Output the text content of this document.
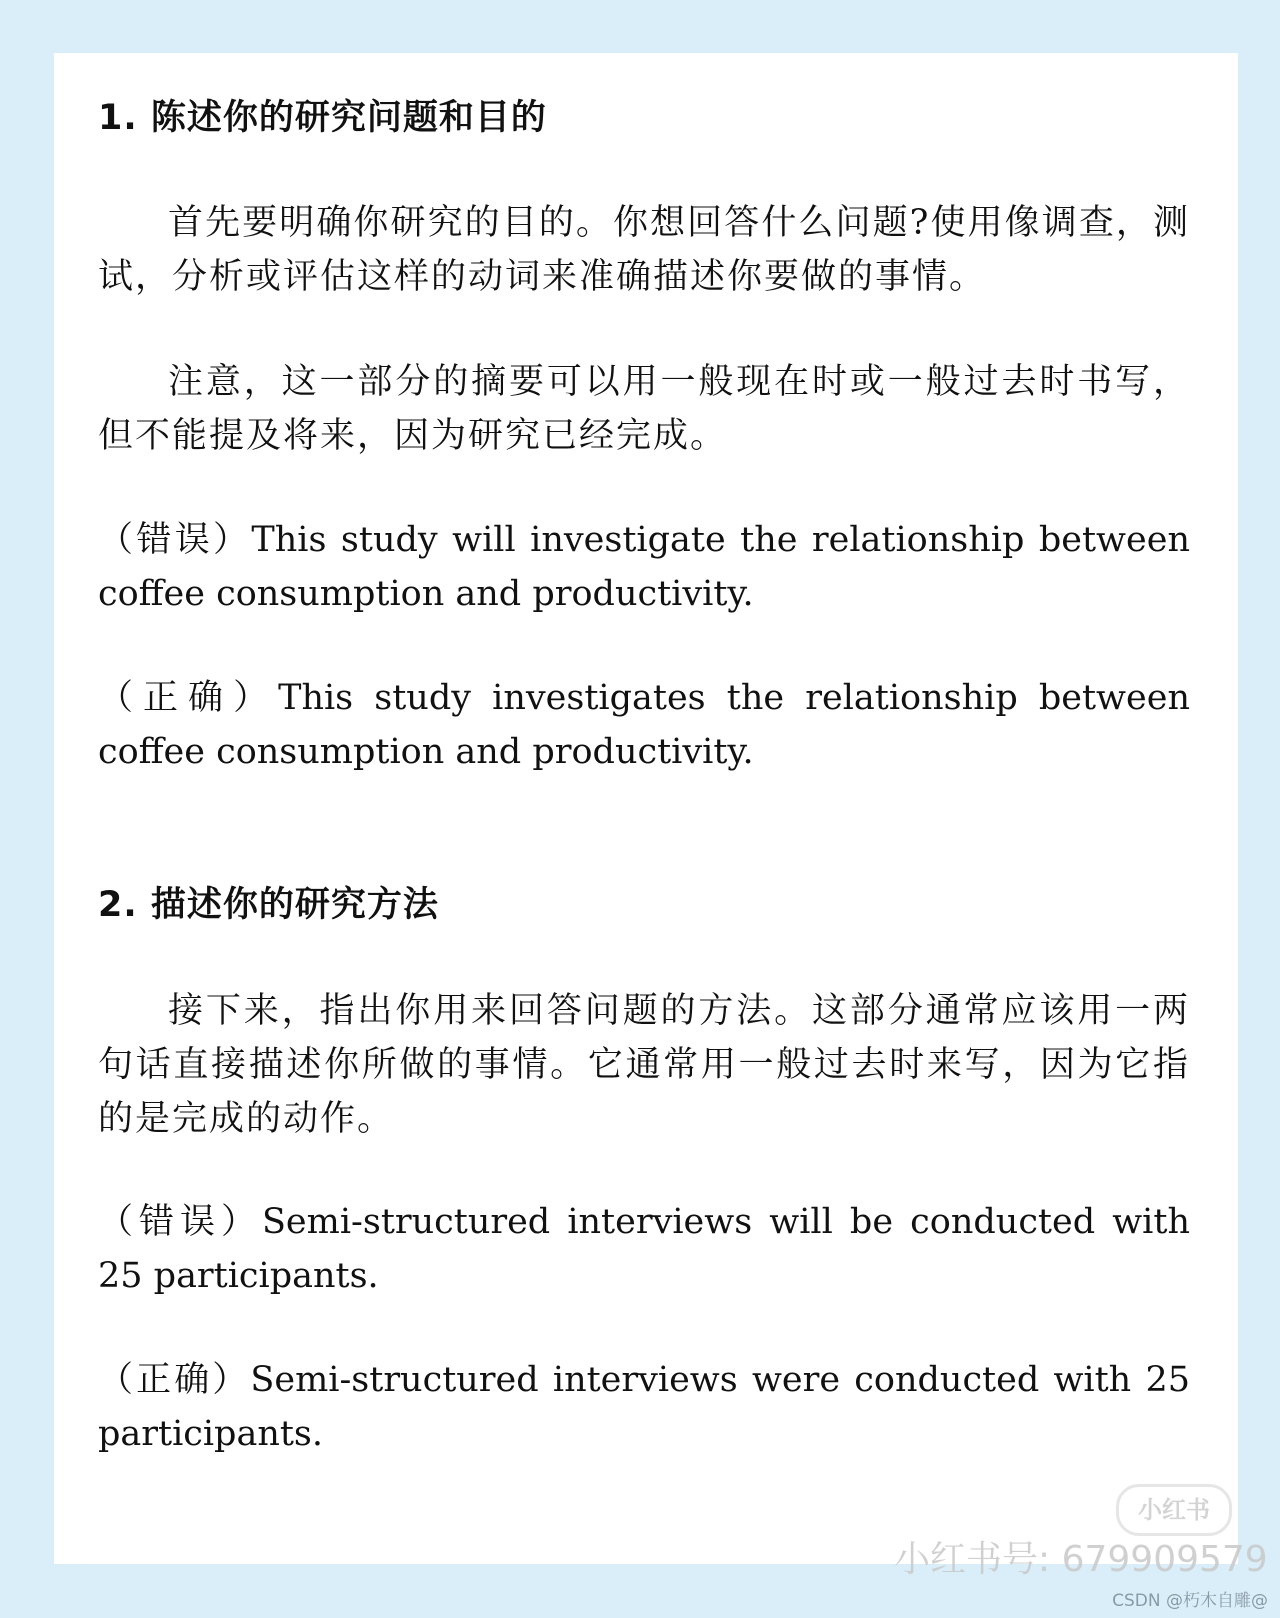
1. 陈述你的研究问题和目的

首先要明确你研究的目的。你想回答什么问题?使用像调查，测试，分析或评估这样的动词来准确描述你要做的事情。

注意，这一部分的摘要可以用一般现在时或一般过去时书写，但不能提及将来，因为研究已经完成。

（错误）This study will investigate the relationship between coffee consumption and productivity.

（正确）This study investigates the relationship between coffee consumption and productivity.

2. 描述你的研究方法

接下来，指出你用来回答问题的方法。这部分通常应该用一两句话直接描述你所做的事情。它通常用一般过去时来写，因为它指的是完成的动作。

（错误）Semi-structured interviews will be conducted with 25 participants.

（正确）Semi-structured interviews were conducted with 25 participants.

小红书
小红书号: 679909579
CSDN @朽木自雕@
